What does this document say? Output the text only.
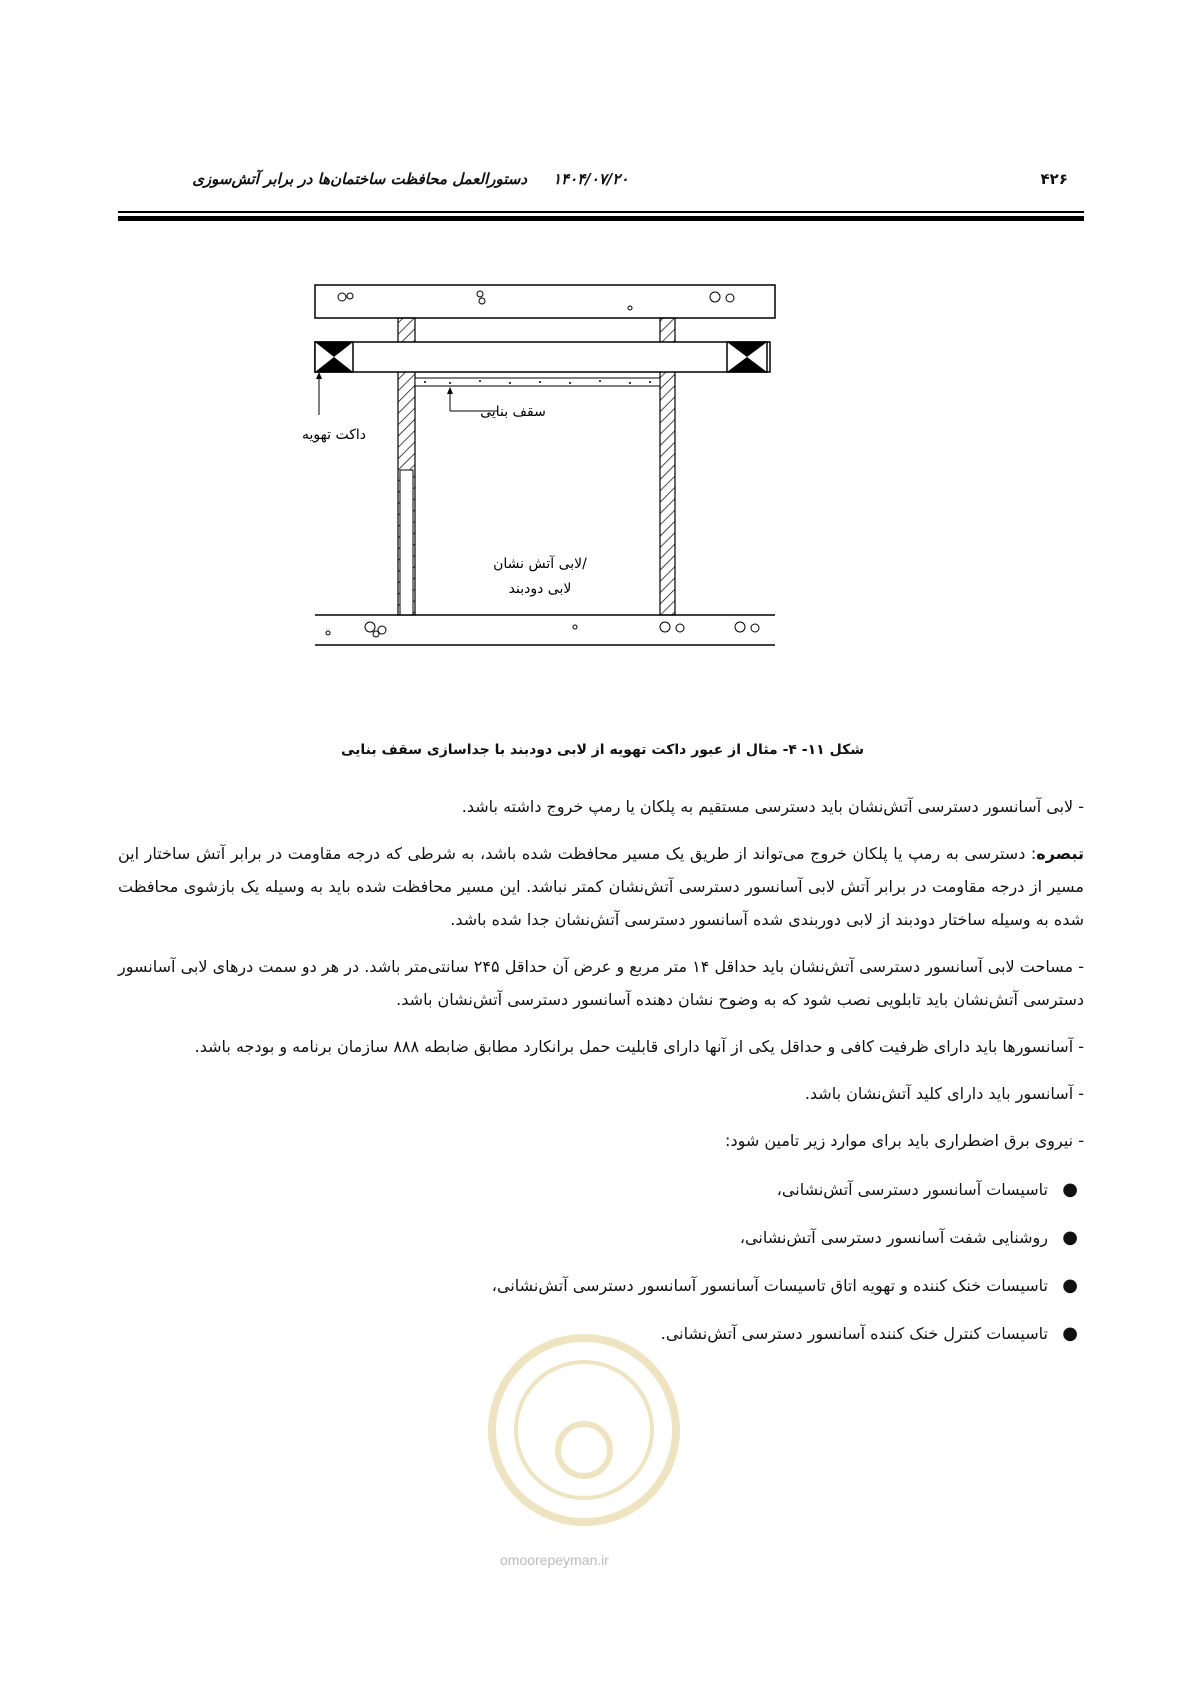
دستورالعمل محافظت ساختمان‌ها در برابر آتش‌سوزی ۱۴۰۴/۰۷/۲۰	۴۲۶
داکت تهویه
سقف بنایی
لابی آتش نشان/
لابی دودبند
شکل ۱۱- ۴- مثال از عبور داکت تهویه از لابی دودبند با جداسازی سقف بنایی

- لابی آسانسور دسترسی آتش‌نشان باید دسترسی مستقیم به پلکان یا رمپ خروج داشته باشد.

تبصره: دسترسی به رمپ یا پلکان خروج می‌تواند از طریق یک مسیر محافظت شده باشد، به شرطی که درجه مقاومت در برابر آتش ساختار این مسیر از درجه مقاومت در برابر آتش لابی آسانسور دسترسی آتش‌نشان کمتر نباشد. این مسیر محافظت شده باید به وسیله یک بازشوی محافظت شده به وسیله ساختار دودبند از لابی دوربندی شده آسانسور دسترسی آتش‌نشان جدا شده باشد.

- مساحت لابی آسانسور دسترسی آتش‌نشان باید حداقل ۱۴ متر مربع و عرض آن حداقل ۲۴۵ سانتی‌متر باشد. در هر دو سمت درهای لابی آسانسور دسترسی آتش‌نشان باید تابلویی نصب شود که به وضوح نشان دهنده آسانسور دسترسی آتش‌نشان باشد.

- آسانسورها باید دارای ظرفیت کافی و حداقل یکی از آنها دارای قابلیت حمل برانکارد مطابق ضابطه ۸۸۸ سازمان برنامه و بودجه باشد.

- آسانسور باید دارای کلید آتش‌نشان باشد.

- نیروی برق اضطراری باید برای موارد زیر تامین شود:

●
تاسیسات آسانسور دسترسی آتش‌نشانی،
●
روشنایی شفت آسانسور دسترسی آتش‌نشانی،
●
تاسیسات خنک کننده و تهویه اتاق تاسیسات آسانسور آسانسور دسترسی آتش‌نشانی،
●
تاسیسات کنترل خنک کننده آسانسور دسترسی آتش‌نشانی.
omoorepeyman.ir
